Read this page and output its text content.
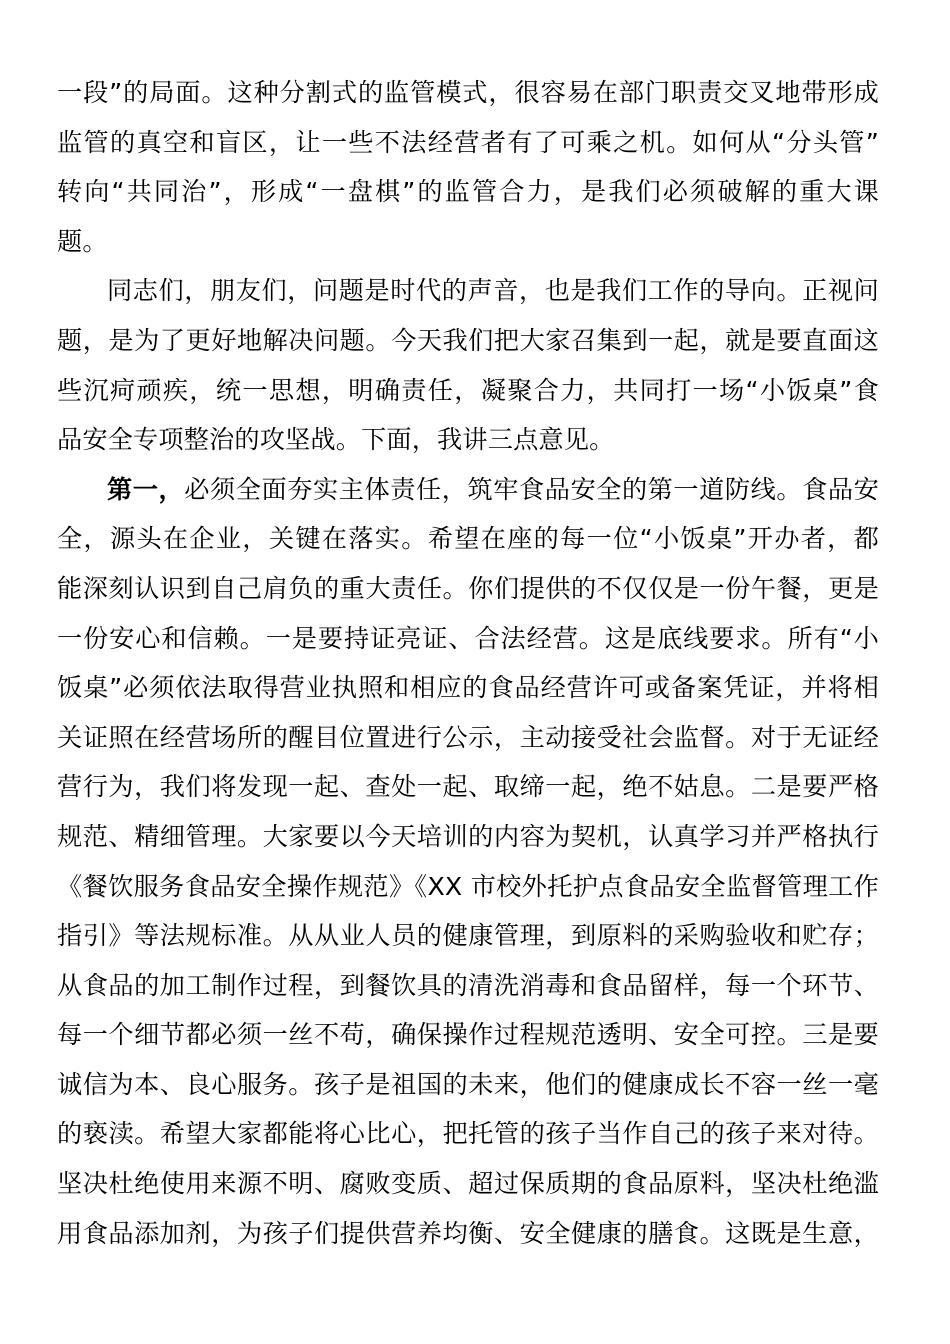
一段”的局面。这种分割式的监管模式，很容易在部门职责交叉地带形成
监管的真空和盲区，让一些不法经营者有了可乘之机。如何从“分头管”
转向“共同治”，形成“一盘棋”的监管合力，是我们必须破解的重大课
题。
同志们，朋友们，问题是时代的声音，也是我们工作的导向。正视问
题，是为了更好地解决问题。今天我们把大家召集到一起，就是要直面这
些沉疴顽疾，统一思想，明确责任，凝聚合力，共同打一场“小饭桌”食
品安全专项整治的攻坚战。下面，我讲三点意见。
第一，必须全面夯实主体责任，筑牢食品安全的第一道防线。食品安
全，源头在企业，关键在落实。希望在座的每一位“小饭桌”开办者，都
能深刻认识到自己肩负的重大责任。你们提供的不仅仅是一份午餐，更是
一份安心和信赖。一是要持证亮证、合法经营。这是底线要求。所有“小
饭桌”必须依法取得营业执照和相应的食品经营许可或备案凭证，并将相
关证照在经营场所的醒目位置进行公示，主动接受社会监督。对于无证经
营行为，我们将发现一起、查处一起、取缔一起，绝不姑息。二是要严格
规范、精细管理。大家要以今天培训的内容为契机，认真学习并严格执行
《餐饮服务食品安全操作规范》《XX 市校外托护点食品安全监督管理工作
指引》等法规标准。从从业人员的健康管理，到原料的采购验收和贮存；
从食品的加工制作过程，到餐饮具的清洗消毒和食品留样，每一个环节、
每一个细节都必须一丝不苟，确保操作过程规范透明、安全可控。三是要
诚信为本、良心服务。孩子是祖国的未来，他们的健康成长不容一丝一毫
的亵渎。希望大家都能将心比心，把托管的孩子当作自己的孩子来对待。
坚决杜绝使用来源不明、腐败变质、超过保质期的食品原料，坚决杜绝滥
用食品添加剂，为孩子们提供营养均衡、安全健康的膳食。这既是生意，
